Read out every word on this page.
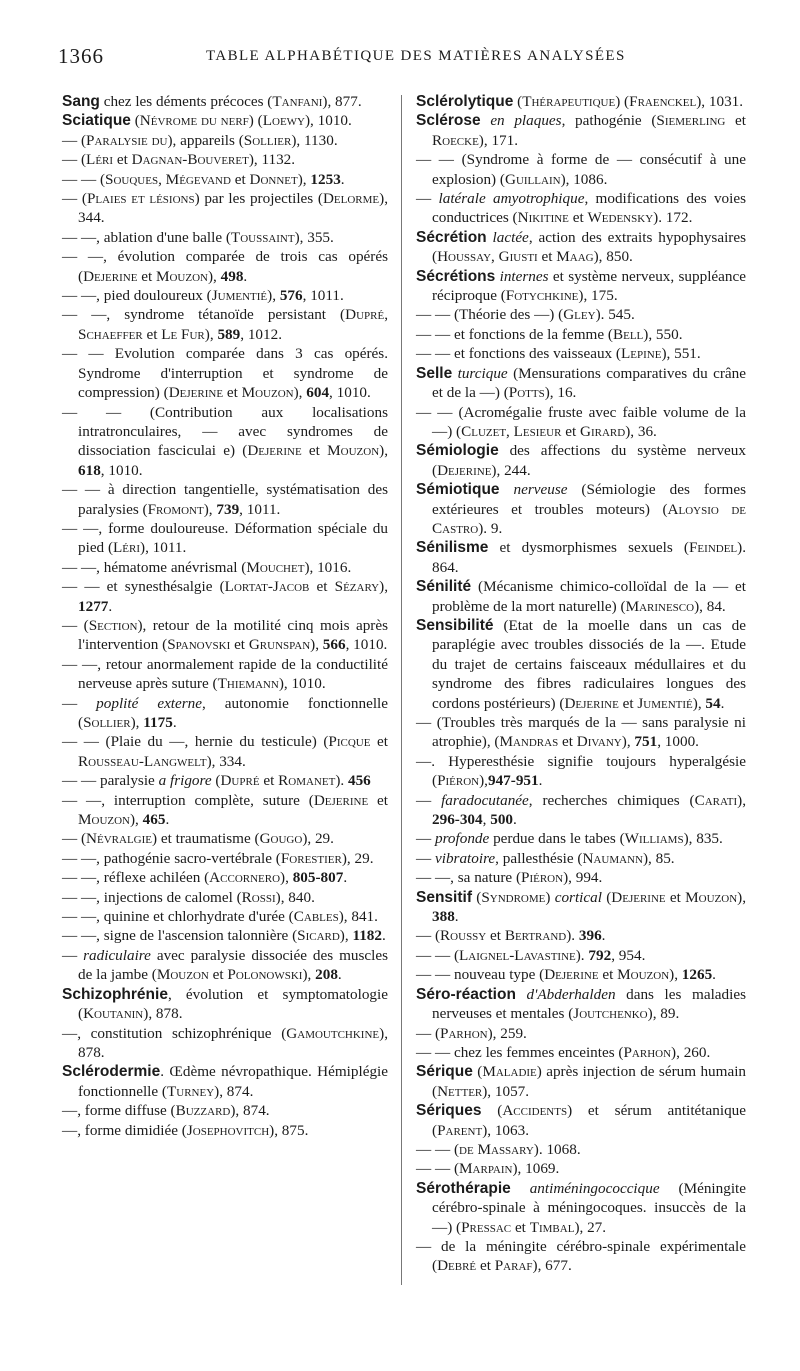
1366	TABLE ALPHABÉTIQUE DES MATIÈRES ANALYSÉES

Sang chez les déments précoces (Tanfani), 877.

Sciatique (Névrome du nerf) (Loewy), 1010.

— (Paralysie du), appareils (Sollier), 1130.

— (Léri et Dagnan-Bouveret), 1132.

— — (Souques, Mégevand et Donnet), 1253.

— (Plaies et lésions) par les projectiles (Delorme), 344.

— —, ablation d'une balle (Toussaint), 355.

— —, évolution comparée de trois cas opérés (Dejerine et Mouzon), 498.

— —, pied douloureux (Jumentié), 576, 1011.

— —, syndrome tétanoïde persistant (Dupré, Schaeffer et Le Fur), 589, 1012.

— — Evolution comparée dans 3 cas opérés. Syndrome d'interruption et syndrome de compression) (Dejerine et Mouzon), 604, 1010.

— — (Contribution aux localisations intratronculaires, — avec syndromes de dissociation fasciculai e) (Dejerine et Mouzon), 618, 1010.

— — à direction tangentielle, systématisation des paralysies (Fromont), 739, 1011.

— —, forme douloureuse. Déformation spéciale du pied (Léri), 1011.

— —, hématome anévrismal (Mouchet), 1016.

— — et synesthésalgie (Lortat-Jacob et Sézary), 1277.

— (Section), retour de la motilité cinq mois après l'intervention (Spanovski et Grunspan), 566, 1010.

— —, retour anormalement rapide de la conductilité nerveuse après suture (Thiemann), 1010.

— poplité externe, autonomie fonctionnelle (Sollier), 1175.

— — (Plaie du —, hernie du testicule) (Picque et Rousseau-Langwelt), 334.

— — paralysie a frigore (Dupré et Romanet). 456

— —, interruption complète, suture (Dejerine et Mouzon), 465.

— (Névralgie) et traumatisme (Gougo), 29.

— —, pathogénie sacro-vertébrale (Forestier), 29.

— —, réflexe achiléen (Accornero), 805-807.

— —, injections de calomel (Rossi), 840.

— —, quinine et chlorhydrate d'urée (Cables), 841.

— —, signe de l'ascension talonnière (Sicard), 1182.

— radiculaire avec paralysie dissociée des muscles de la jambe (Mouzon et Polonowski), 208.

Schizophrénie, évolution et symptomatologie (Koutanin), 878.

—, constitution schizophrénique (Gamoutchkine), 878.

Sclérodermie. Œdème névropathique. Hémiplégie fonctionnelle (Turney), 874.

—, forme diffuse (Buzzard), 874.

—, forme dimidiée (Josephovitch), 875.

Sclérolytique (Thérapeutique) (Fraenckel), 1031.

Sclérose en plaques, pathogénie (Siemerling et Roecke), 171.

— — (Syndrome à forme de — consécutif à une explosion) (Guillain), 1086.

— latérale amyotrophique, modifications des voies conductrices (Nikitine et Wedensky). 172.

Sécrétion lactée, action des extraits hypophysaires (Houssay, Giusti et Maag), 850.

Sécrétions internes et système nerveux, suppléance réciproque (Fotychkine), 175.

— — (Théorie des —) (Gley). 545.

— — et fonctions de la femme (Bell), 550.

— — et fonctions des vaisseaux (Lepine), 551.

Selle turcique (Mensurations comparatives du crâne et de la —) (Potts), 16.

— — (Acromégalie fruste avec faible volume de la —) (Cluzet, Lesieur et Girard), 36.

Sémiologie des affections du système nerveux (Dejerine), 244.

Sémiotique nerveuse (Sémiologie des formes extérieures et troubles moteurs) (Aloysio de Castro). 9.

Sénilisme et dysmorphismes sexuels (Feindel). 864.

Sénilité (Mécanisme chimico-colloïdal de la — et problème de la mort naturelle) (Marinesco), 84.

Sensibilité (Etat de la moelle dans un cas de paraplégie avec troubles dissociés de la —. Etude du trajet de certains faisceaux médullaires et du syndrome des fibres radiculaires longues des cordons postérieurs) (Dejerine et Jumentié), 54.

— (Troubles très marqués de la — sans paralysie ni atrophie), (Mandras et Divany), 751, 1000.

—. Hyperesthésie signifie toujours hyperalgésie (Piéron),947-951.

— faradocutanée, recherches chimiques (Carati), 296-304, 500.

— profonde perdue dans le tabes (Williams), 835.

— vibratoire, pallesthésie (Naumann), 85.

— —, sa nature (Piéron), 994.

Sensitif (Syndrome) cortical (Dejerine et Mouzon), 388.

— (Roussy et Bertrand). 396.

— — (Laignel-Lavastine). 792, 954.

— — nouveau type (Dejerine et Mouzon), 1265.

Séro-réaction d'Abderhalden dans les maladies nerveuses et mentales (Joutchenko), 89.

— (Parhon), 259.

— — chez les femmes enceintes (Parhon), 260.

Sérique (Maladie) après injection de sérum humain (Netter), 1057.

Sériques (Accidents) et sérum antitétanique (Parent), 1063.

— — (de Massary). 1068.

— — (Marpain), 1069.

Sérothérapie antiméningococcique (Méningite cérébro-spinale à méningocoques. insuccès de la —) (Pressac et Timbal), 27.

— de la méningite cérébro-spinale expérimentale (Debré et Paraf), 677.
